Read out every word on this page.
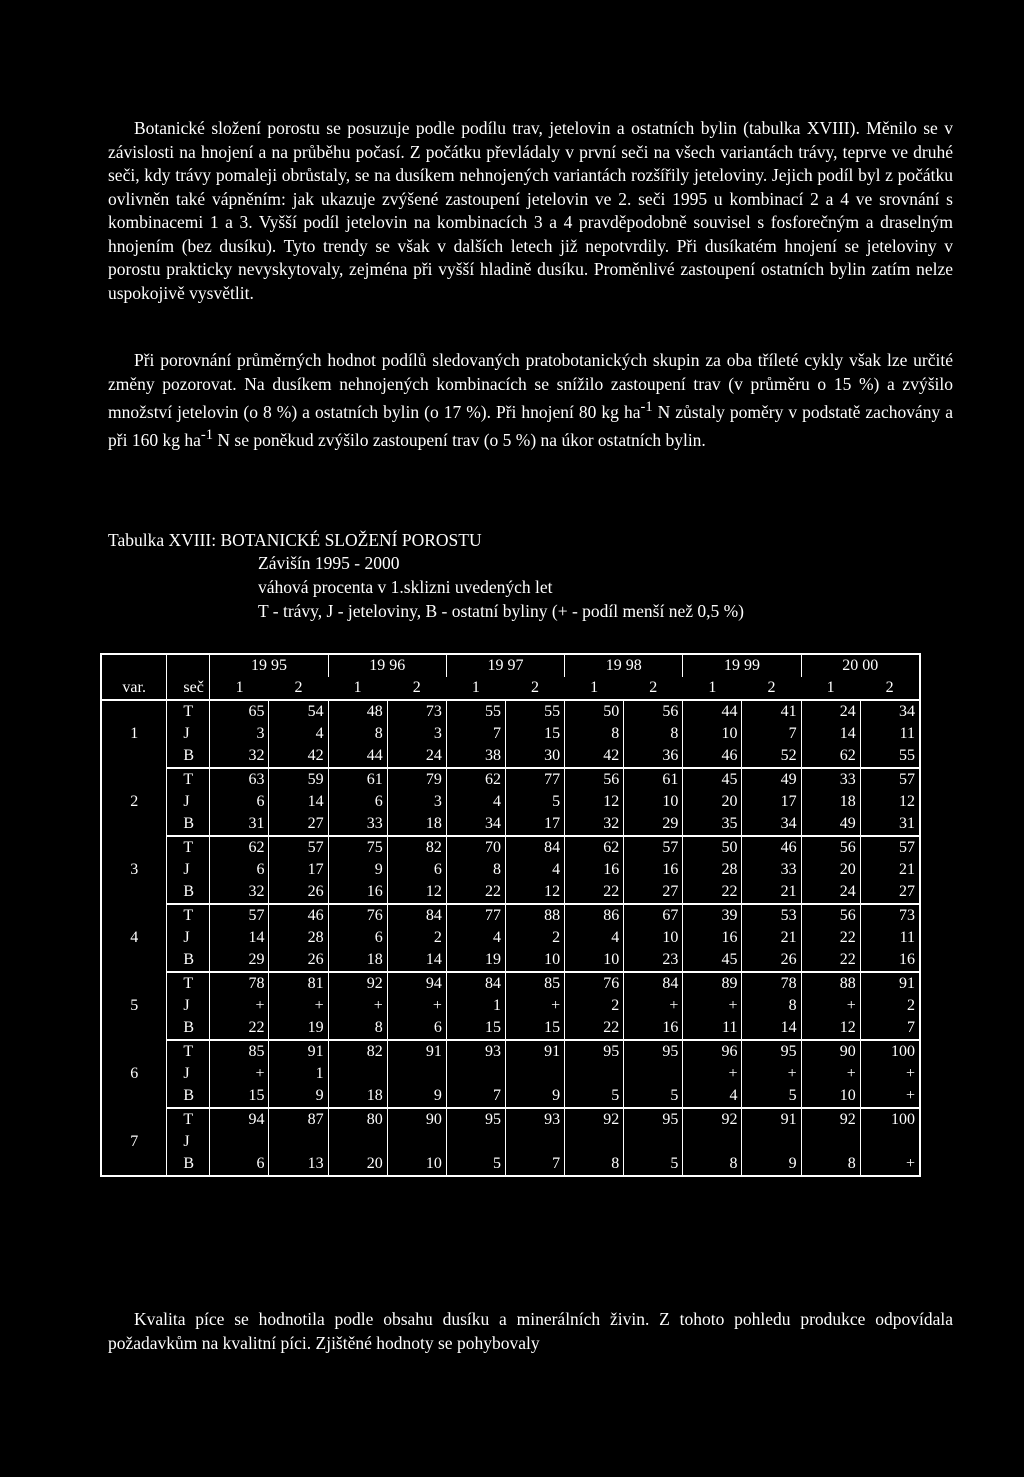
Botanické složení porostu se posuzuje podle podílu trav, jetelovin a ostatních bylin (tabulka XVIII). Měnilo se v závislosti na hnojení a na průběhu počasí. Z počátku převládaly v první seči na všech variantách trávy, teprve ve druhé seči, kdy trávy pomaleji obrůstaly, se na dusíkem nehnojených variantách rozšířily jeteloviny. Jejich podíl byl z počátku ovlivněn také vápněním: jak ukazuje zvýšené zastoupení jetelovin ve 2. seči 1995 u kombinací 2 a 4 ve srovnání s kombinacemi 1 a 3. Vyšší podíl jetelovin na kombinacích 3 a 4 pravděpodobně souvisel s fosforečným a draselným hnojením (bez dusíku). Tyto trendy se však v dalších letech již nepotvrdily. Při dusíkatém hnojení se jeteloviny v porostu prakticky nevyskytovaly, zejména při vyšší hladině dusíku. Proměnlivé zastoupení ostatních bylin zatím nelze uspokojivě vysvětlit.

Při porovnání průměrných hodnot podílů sledovaných pratobotanických skupin za oba tříleté cykly však lze určité změny pozorovat. Na dusíkem nehnojených kombinacích se snížilo zastoupení trav (v průměru o 15 %) a zvýšilo množství jetelovin (o 8 %) a ostatních bylin (o 17 %). Při hnojení 80 kg $ha^{-1}$ N zůstaly poměry v podstatě zachovány a při 160 kg $ha^{-1}$ N se poněkud zvýšilo zastoupení trav (o 5 %) na úkor ostatních bylin.

Tabulka XVIII: BOTANICKÉ SLOŽENÍ POROSTU

Závišín 1995 - 2000

váhová procenta v 1.sklizni uvedených let

T - trávy, J - jeteloviny, B - ostatní byliny (+ - podíl menší než 0,5 %)

		19 95		19 96		19 97		19 98		19 99		20 00	
var.	seč	1	2	1	2	1	2	1	2	1	2	1	2
	T	65	54	48	73	55	55	50	56	44	41	24	34
1	J	3	4	8	3	7	15	8	8	10	7	14	11
	B	32	42	44	24	38	30	42	36	46	52	62	55
	T	63	59	61	79	62	77	56	61	45	49	33	57
2	J	6	14	6	3	4	5	12	10	20	17	18	12
	B	31	27	33	18	34	17	32	29	35	34	49	31
	T	62	57	75	82	70	84	62	57	50	46	56	57
3	J	6	17	9	6	8	4	16	16	28	33	20	21
	B	32	26	16	12	22	12	22	27	22	21	24	27
	T	57	46	76	84	77	88	86	67	39	53	56	73
4	J	14	28	6	2	4	2	4	10	16	21	22	11
	B	29	26	18	14	19	10	10	23	45	26	22	16
	T	78	81	92	94	84	85	76	84	89	78	88	91
5	J	+	+	+	+	1	+	2	+	+	8	+	2
	B	22	19	8	6	15	15	22	16	11	14	12	7
	T	85	91	82	91	93	91	95	95	96	95	90	100
6	J	+	1							+	+	+	+
	B	15	9	18	9	7	9	5	5	4	5	10	+
	T	94	87	80	90	95	93	92	95	92	91	92	100
7	J												
	B	6	13	20	10	5	7	8	5	8	9	8	+

Kvalita píce se hodnotila podle obsahu dusíku a minerálních živin. Z tohoto pohledu produkce odpovídala požadavkům na kvalitní píci. Zjištěné hodnoty se pohybovaly
